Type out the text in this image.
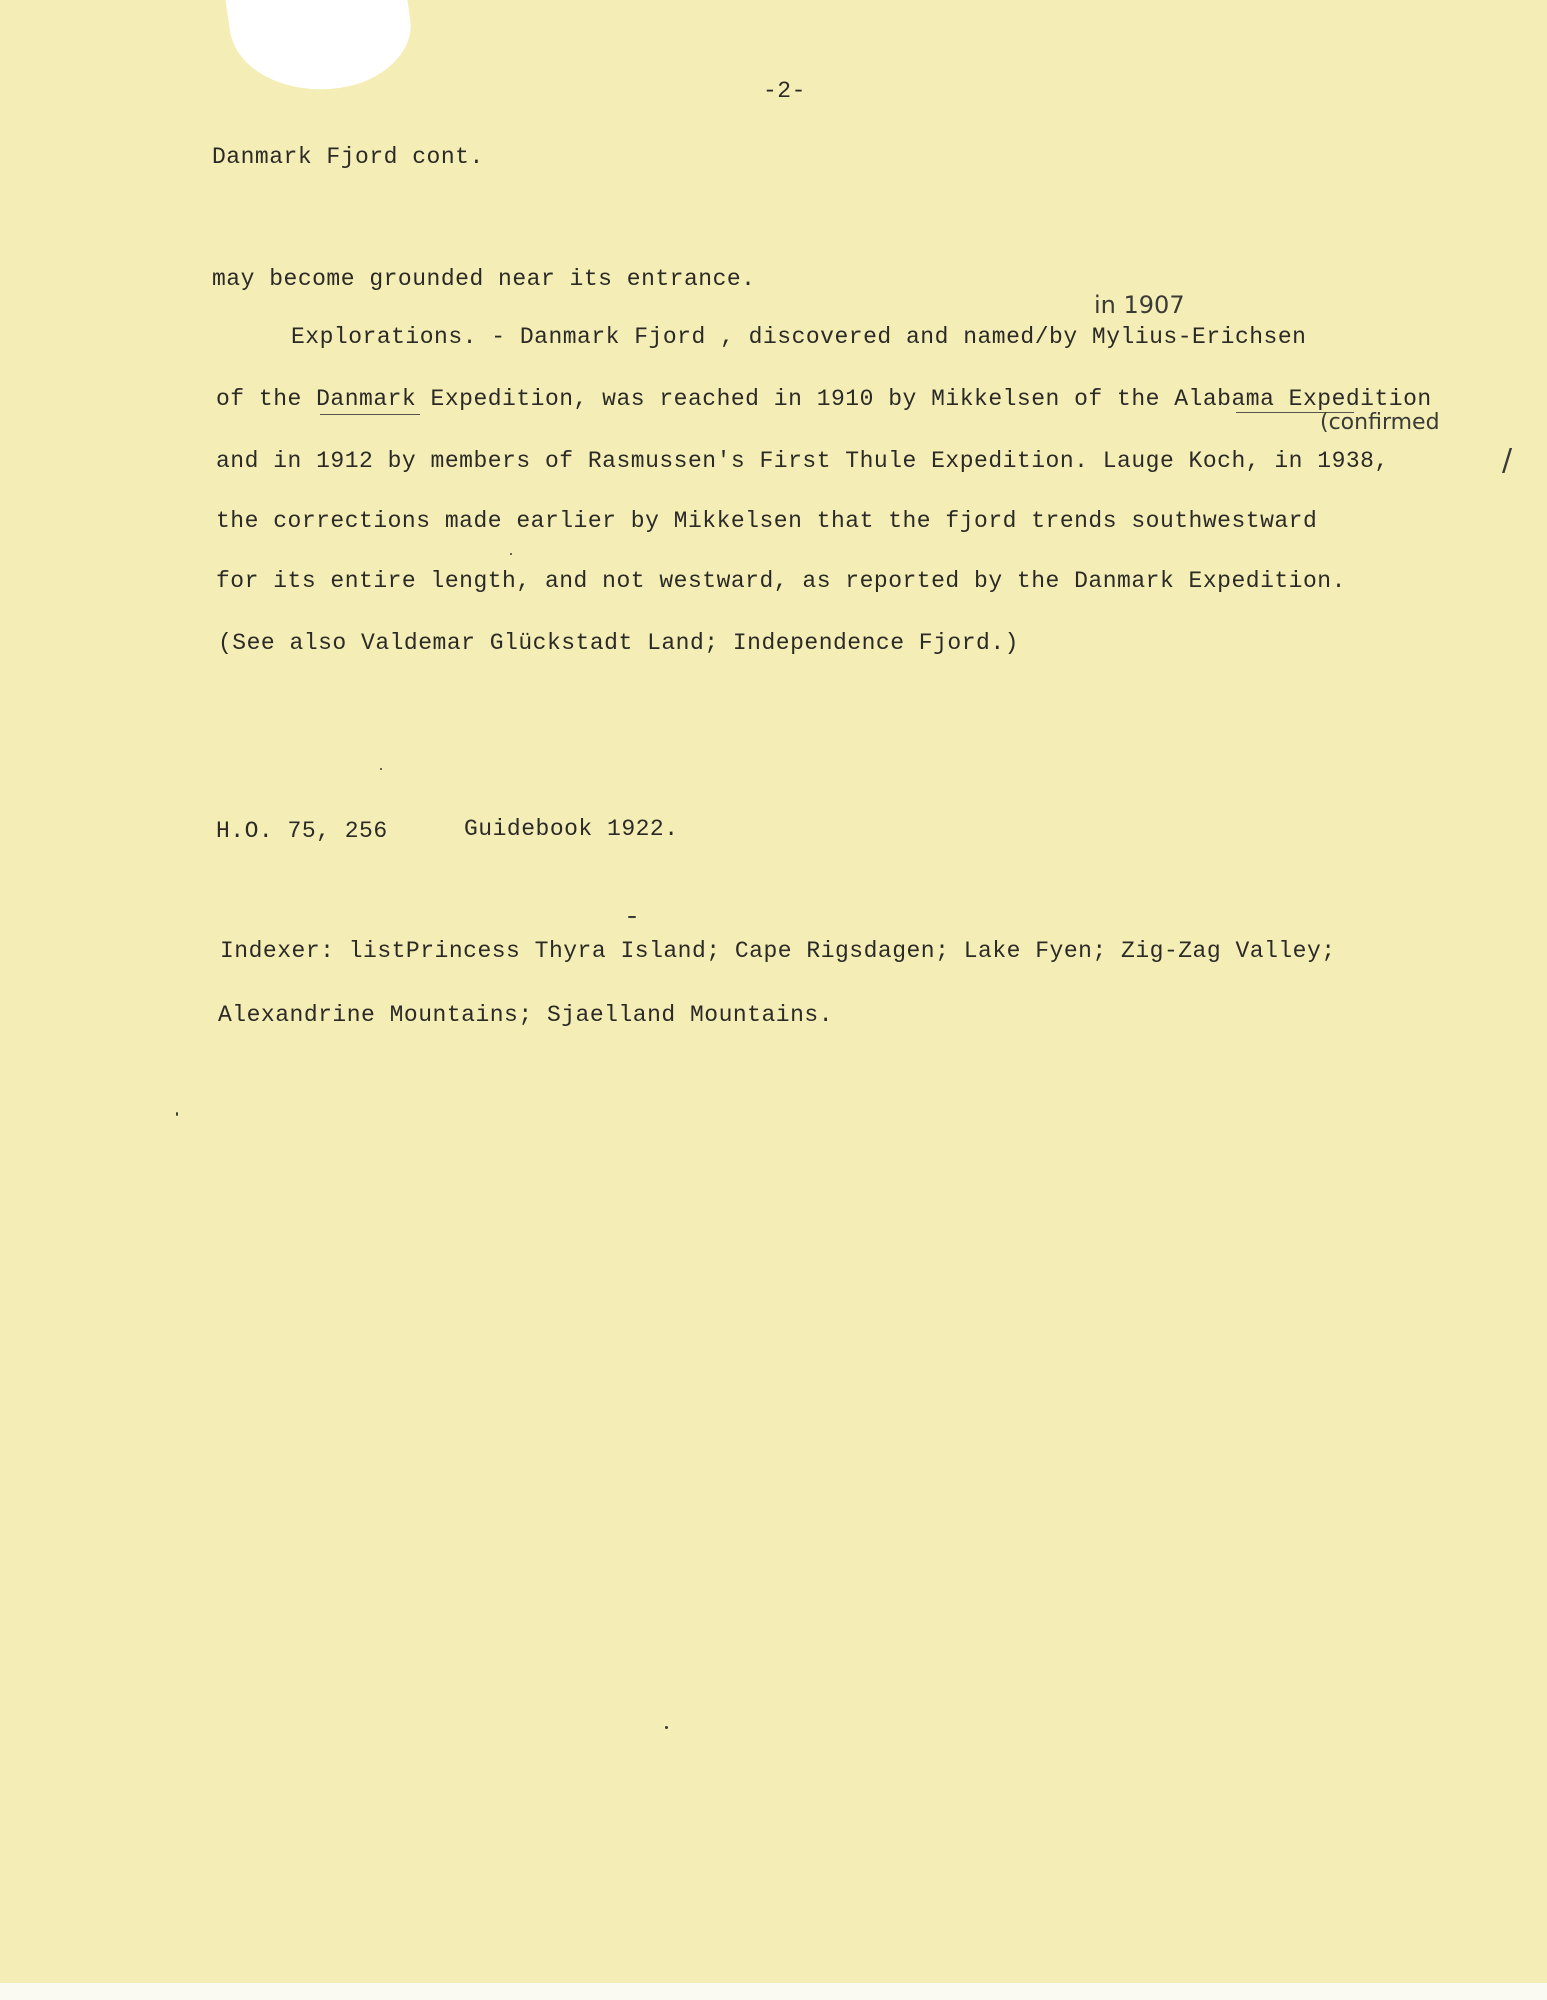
-2-
Danmark Fjord cont.
may become grounded near its entrance.
in 1907
Explorations. - Danmark Fjord , discovered and named/by Mylius-Erichsen
of the Danmark Expedition, was reached in 1910 by Mikkelsen of the Alabama Expedition
(confirmed
and in 1912 by members of Rasmussen's First Thule Expedition. Lauge Koch, in 1938,	/
the corrections made earlier by Mikkelsen that the fjord trends southwestward
for its entire length, and not westward, as reported by the Danmark Expedition.
(See also Valdemar Glückstadt Land; Independence Fjord.)
H.O. 75, 256	Guidebook 1922.
Indexer: listPrincess Thyra Island; Cape Rigsdagen; Lake Fyen; Zig-Zag Valley;
Alexandrine Mountains; Sjaelland Mountains.
